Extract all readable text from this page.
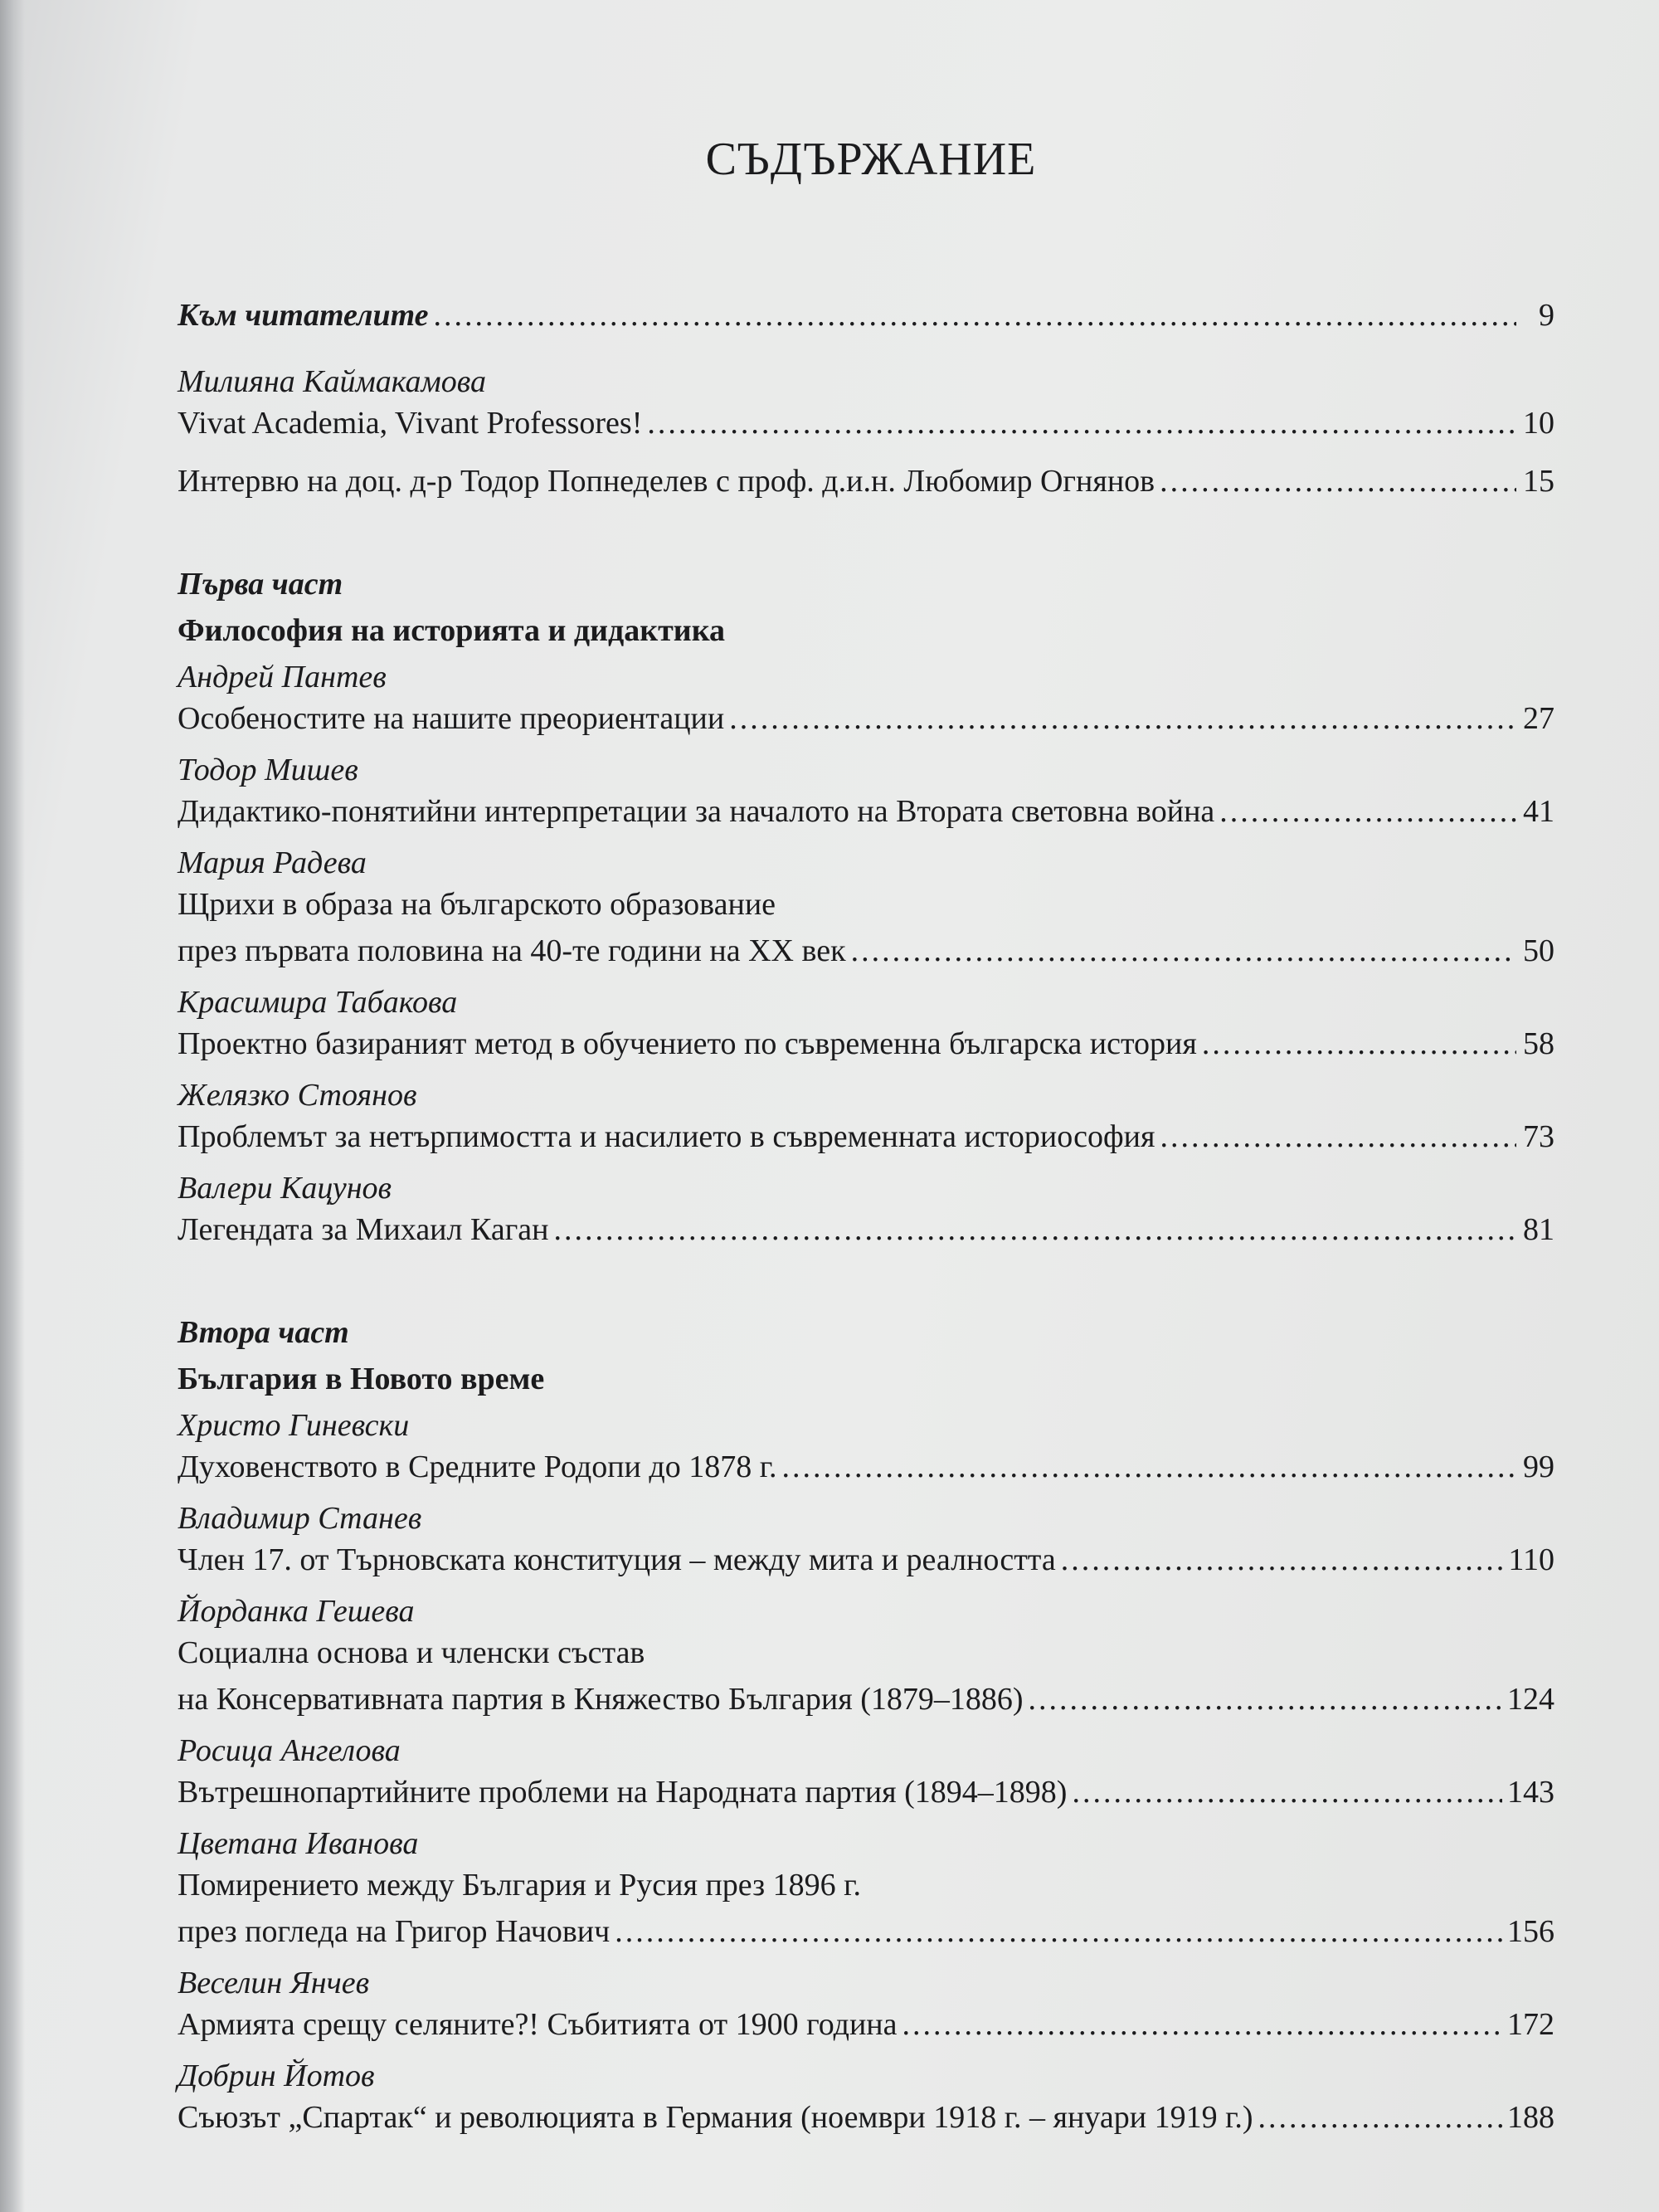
СЪДЪРЖАНИЕ
Към читателите .....	9
Милияна Каймакамова
Vivat Academia, Vivant Professores! .....	10
Интервю на доц. д-р Тодор Попнеделев с проф. д.и.н. Любомир Огнянов .....	15
Първа част
Философия на историята и дидактика
Андрей Пантев
Особеностите на нашите преориентации .....	27
Тодор Мишев
Дидактико-понятийни интерпретации за началото на Втората световна война .....	41
Мария Радева
Щрихи в образа на българското образование
през първата половина на 40-те години на XX век .....	50
Красимира Табакова
Проектно базираният метод в обучението по съвременна българска история .....	58
Желязко Стоянов
Проблемът за нетърпимостта и насилието в съвременната историософия .....	73
Валери Кацунов
Легендата за Михаил Каган .....	81
Втора част
България в Новото време
Христо Гиневски
Духовенството в Средните Родопи до 1878 г. .....	99
Владимир Станев
Член 17. от Търновската конституция – между мита и реалността .....	110
Йорданка Гешева
Социална основа и членски състав
на Консервативната партия в Княжество България (1879–1886) .....	124
Росица Ангелова
Вътрешнопартийните проблеми на Народната партия (1894–1898) .....	143
Цветана Иванова
Помирението между България и Русия през 1896 г.
през погледа на Григор Начович .....	156
Веселин Янчев
Армията срещу селяните?! Събитията от 1900 година .....	172
Добрин Йотов
Съюзът „Спартак“ и революцията в Германия (ноември 1918 г. – януари 1919 г.) .....	188
